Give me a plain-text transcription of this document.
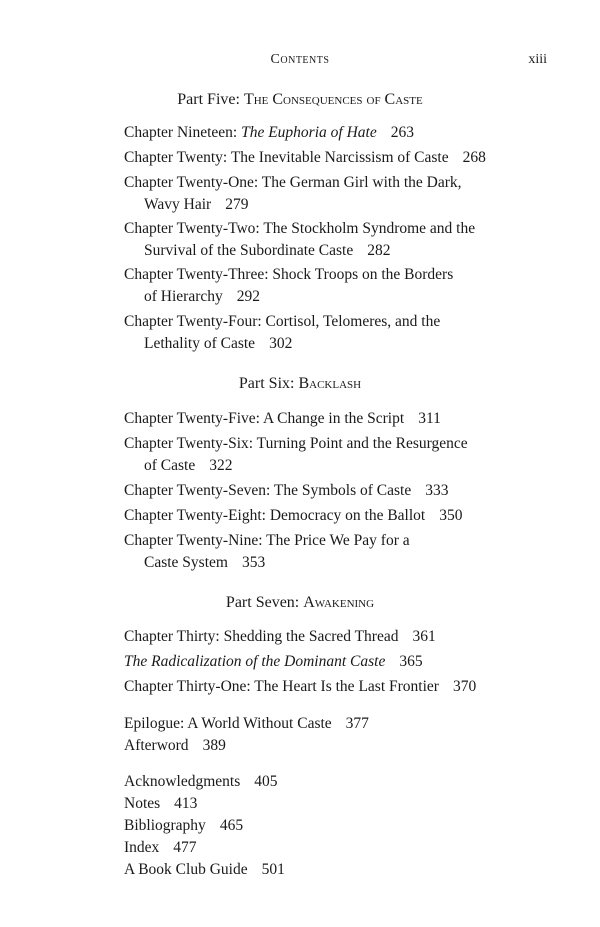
Contents	xiii
Part Five: The Consequences of Caste
Chapter Nineteen: The Euphoria of Hate 263
Chapter Twenty: The Inevitable Narcissism of Caste 268
Chapter Twenty-One: The German Girl with the Dark,
Wavy Hair 279
Chapter Twenty-Two: The Stockholm Syndrome and the
Survival of the Subordinate Caste 282
Chapter Twenty-Three: Shock Troops on the Borders
of Hierarchy 292
Chapter Twenty-Four: Cortisol, Telomeres, and the
Lethality of Caste 302
Part Six: Backlash
Chapter Twenty-Five: A Change in the Script 311
Chapter Twenty-Six: Turning Point and the Resurgence
of Caste 322
Chapter Twenty-Seven: The Symbols of Caste 333
Chapter Twenty-Eight: Democracy on the Ballot 350
Chapter Twenty-Nine: The Price We Pay for a
Caste System 353
Part Seven: Awakening
Chapter Thirty: Shedding the Sacred Thread 361
The Radicalization of the Dominant Caste 365
Chapter Thirty-One: The Heart Is the Last Frontier 370
Epilogue: A World Without Caste 377
Afterword 389
Acknowledgments 405
Notes 413
Bibliography 465
Index 477
A Book Club Guide 501
